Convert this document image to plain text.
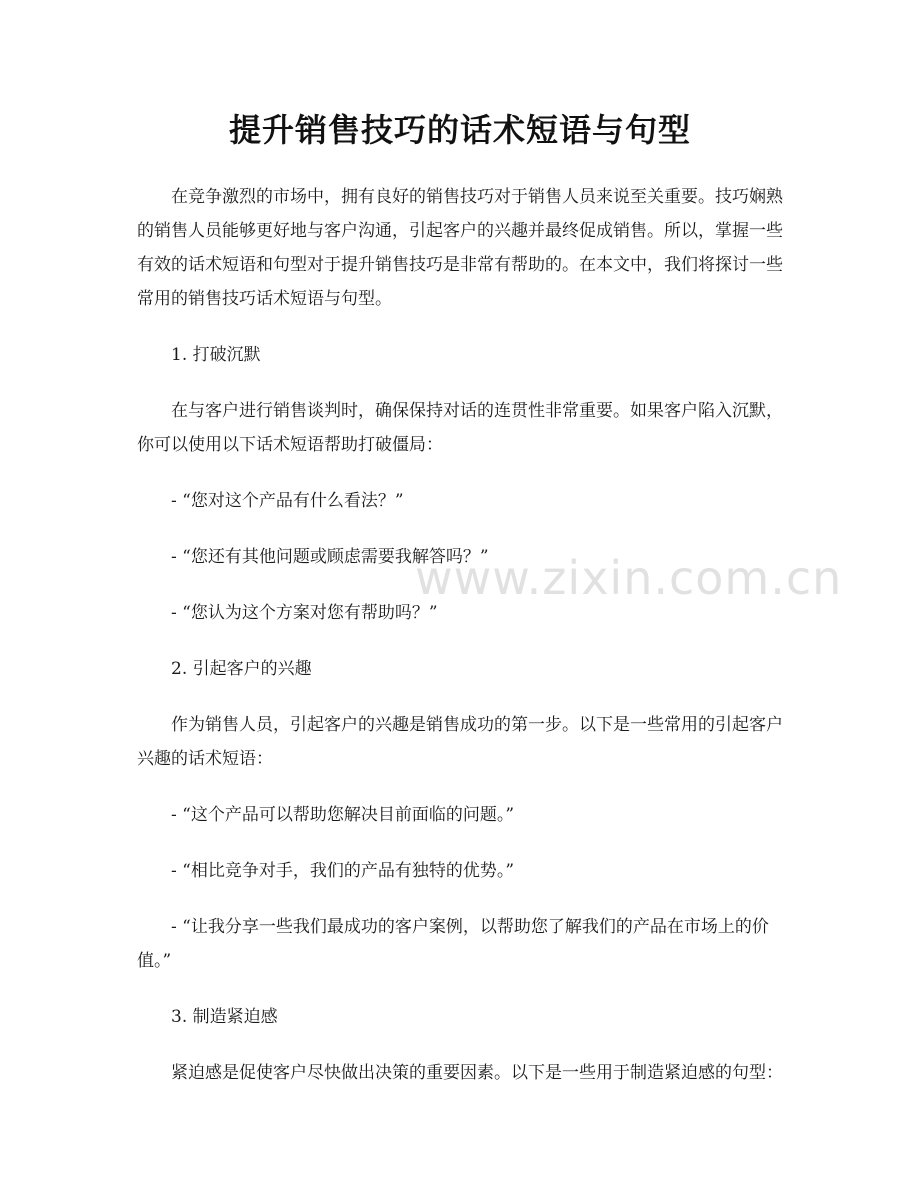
提升销售技巧的话术短语与句型

在竞争激烈的市场中，拥有良好的销售技巧对于销售人员来说至关重要。技巧娴熟的销售人员能够更好地与客户沟通，引起客户的兴趣并最终促成销售。所以，掌握一些有效的话术短语和句型对于提升销售技巧是非常有帮助的。在本文中，我们将探讨一些常用的销售技巧话术短语与句型。

1. 打破沉默

在与客户进行销售谈判时，确保保持对话的连贯性非常重要。如果客户陷入沉默，你可以使用以下话术短语帮助打破僵局：

- “您对这个产品有什么看法？”

- “您还有其他问题或顾虑需要我解答吗？”

- “您认为这个方案对您有帮助吗？”

2. 引起客户的兴趣

作为销售人员，引起客户的兴趣是销售成功的第一步。以下是一些常用的引起客户兴趣的话术短语：

- “这个产品可以帮助您解决目前面临的问题。”

- “相比竞争对手，我们的产品有独特的优势。”

- “让我分享一些我们最成功的客户案例，以帮助您了解我们的产品在市场上的价值。”

3. 制造紧迫感

紧迫感是促使客户尽快做出决策的重要因素。以下是一些用于制造紧迫感的句型：

www.zixin.com.cn
